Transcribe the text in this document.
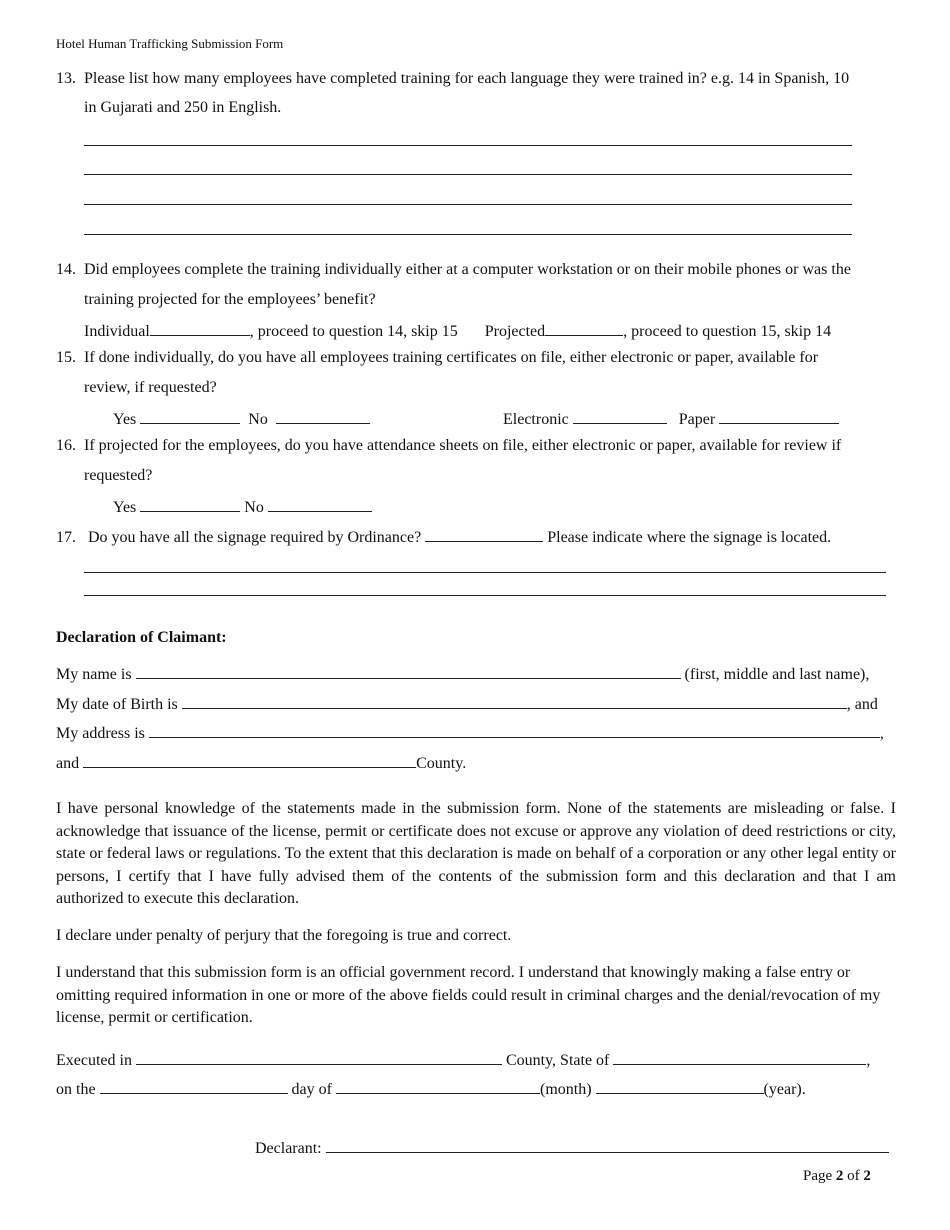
Hotel Human Trafficking Submission Form
13. Please list how many employees have completed training for each language they were trained in? e.g. 14 in Spanish, 10
in Gujarati and 250 in English.
14. Did employees complete the training individually either at a computer workstation or on their mobile phones or was the
training projected for the employees’ benefit?
Individual	, proceed to question 14, skip 15 Projected	, proceed to question 15, skip 14
15. If done individually, do you have all employees training certificates on file, either electronic or paper, available for
review, if requested?
Yes	No	Electronic	Paper
16. If projected for the employees, do you have attendance sheets on file, either electronic or paper, available for review if
requested?
Yes	No
17. Do you have all the signage required by Ordinance?	Please indicate where the signage is located.
Declaration of Claimant:
My name is	(first, middle and last name),
My date of Birth is	, and
My address is	,
and	County.
I have personal knowledge of the statements made in the submission form. None of the statements are misleading or false. I acknowledge that issuance of the license, permit or certificate does not excuse or approve any violation of deed restrictions or city, state or federal laws or regulations. To the extent that this declaration is made on behalf of a corporation or any other legal entity or persons, I certify that I have fully advised them of the contents of the submission form and this declaration and that I am authorized to execute this declaration.
I declare under penalty of perjury that the foregoing is true and correct.
I understand that this submission form is an official government record. I understand that knowingly making a false entry or omitting required information in one or more of the above fields could result in criminal charges and the denial/revocation of my license, permit or certification.
Executed in	County, State of	,
on the	day of	(month)	(year).
Declarant:
Page 2 of 2
